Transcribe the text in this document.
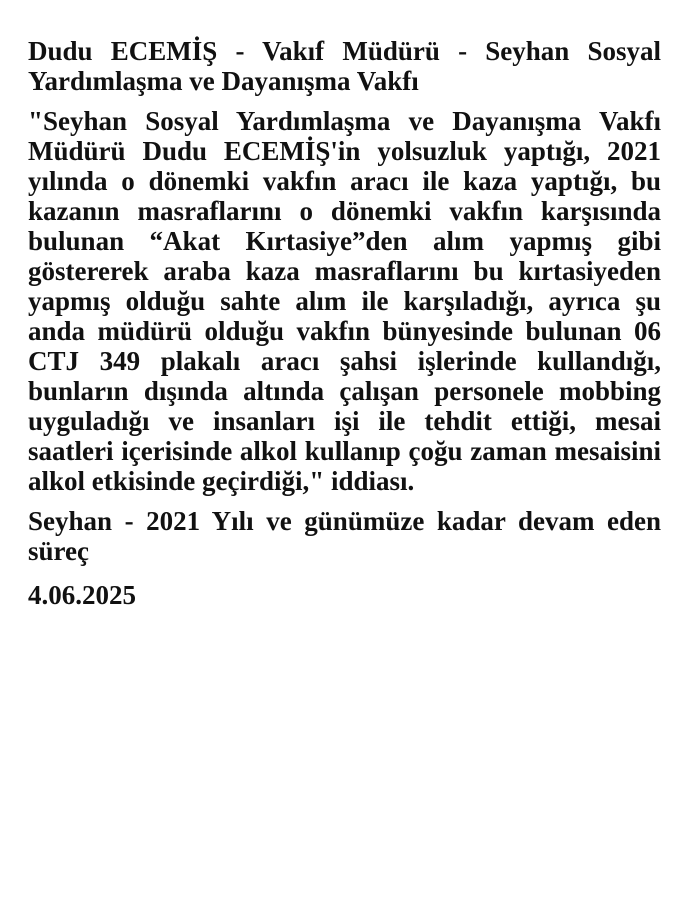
Dudu ECEMİŞ - Vakıf Müdürü - Seyhan Sosyal Yardımlaşma ve Dayanışma Vakfı

"Seyhan Sosyal Yardımlaşma ve Dayanışma Vakfı Müdürü Dudu ECEMİŞ'in yolsuzluk yaptığı, 2021 yılında o dönemki vakfın aracı ile kaza yaptığı, bu kazanın masraflarını o dönemki vakfın karşısında bulunan “Akat Kırtasiye”den alım yapmış gibi göstererek araba kaza masraflarını bu kırtasiyeden yapmış olduğu sahte alım ile karşıladığı, ayrıca şu anda müdürü olduğu vakfın bünyesinde bulunan 06 CTJ 349 plakalı aracı şahsi işlerinde kullandığı, bunların dışında altında çalışan personele mobbing uyguladığı ve insanları işi ile tehdit ettiği, mesai saatleri içerisinde alkol kullanıp çoğu zaman mesaisini alkol etkisinde geçirdiği," iddiası.

Seyhan - 2021 Yılı ve günümüze kadar devam eden süreç

4.06.2025
